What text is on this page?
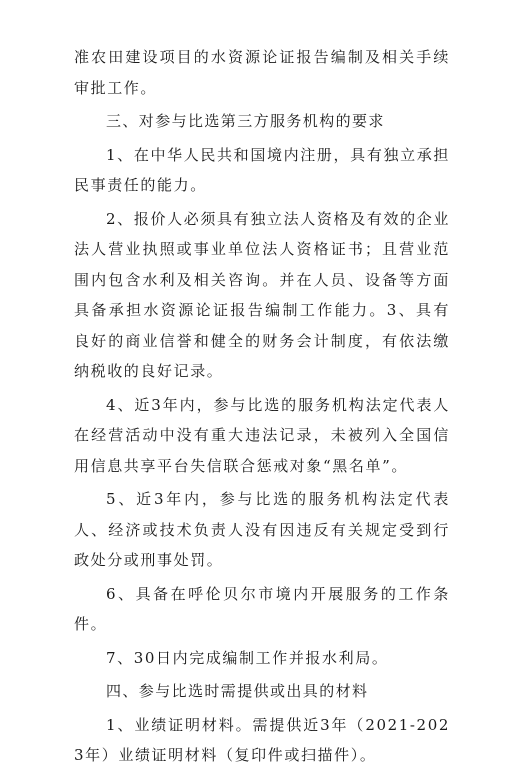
准农田建设项目的水资源论证报告编制及相关手续审批工作。

三、对参与比选第三方服务机构的要求

1、在中华人民共和国境内注册，具有独立承担民事责任的能力。

2、报价人必须具有独立法人资格及有效的企业法人营业执照或事业单位法人资格证书；且营业范围内包含水利及相关咨询。并在人员、设备等方面具备承担水资源论证报告编制工作能力。3、具有良好的商业信誉和健全的财务会计制度，有依法缴纳税收的良好记录。

4、近3年内，参与比选的服务机构法定代表人在经营活动中没有重大违法记录，未被列入全国信用信息共享平台失信联合惩戒对象“黑名单”。

5、近3年内，参与比选的服务机构法定代表人、经济或技术负责人没有因违反有关规定受到行政处分或刑事处罚。

6、具备在呼伦贝尔市境内开展服务的工作条件。

7、30日内完成编制工作并报水利局。

四、参与比选时需提供或出具的材料

1、业绩证明材料。需提供近3年（2021-2023年）业绩证明材料（复印件或扫描件）。
